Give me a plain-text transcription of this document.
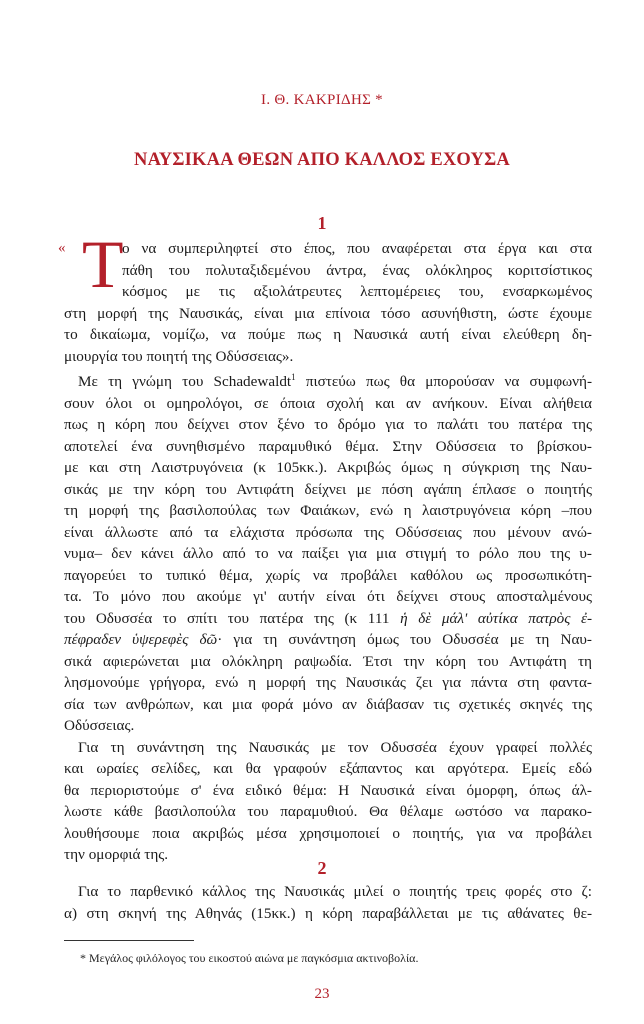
Ι. Θ. ΚΑΚΡΙΔΗΣ *
ΝΑΥΣΙΚΑΑ ΘΕΩΝ ΑΠΟ ΚΑΛΛΟΣ ΕΧΟΥΣΑ
1
« Τ
ο να συμπεριληφτεί στο έπος, που αναφέρεται στα έργα και στα
πάθη του πολυταξιδεμένου άντρα, ένας ολόκληρος κοριτσίστικος
κόσμος με τις αξιολάτρευτες λεπτομέρειες του, ενσαρκωμένος
στη μορφή της Ναυσικάς, είναι μια επίνοια τόσο ασυνήθιστη, ώστε έχουμε
το δικαίωμα, νομίζω, να πούμε πως η Ναυσικά αυτή είναι ελεύθερη δη-
μιουργία του ποιητή της Οδύσσειας».
Με τη γνώμη του Schadewaldt$^1$ πιστεύω πως θα μπορούσαν να συμφωνή-
σουν όλοι οι ομηρολόγοι, σε όποια σχολή και αν ανήκουν. Είναι αλήθεια
πως η κόρη που δείχνει στον ξένο το δρόμο για το παλάτι του πατέρα της
αποτελεί ένα συνηθισμένο παραμυθικό θέμα. Στην Οδύσσεια το βρίσκου-
με και στη Λαιστρυγόνεια (κ 105κκ.). Ακριβώς όμως η σύγκριση της Ναυ-
σικάς με την κόρη του Αντιφάτη δείχνει με πόση αγάπη έπλασε ο ποιητής
τη μορφή της βασιλοπούλας των Φαιάκων, ενώ η λαιστρυγόνεια κόρη –που
είναι άλλωστε από τα ελάχιστα πρόσωπα της Οδύσσειας που μένουν ανώ-
νυμα– δεν κάνει άλλο από το να παίξει για μια στιγμή το ρόλο που της υ-
παγορεύει το τυπικό θέμα, χωρίς να προβάλει καθόλου ως προσωπικότη-
τα. Το μόνο που ακούμε γι' αυτήν είναι ότι δείχνει στους αποσταλμένους
του Οδυσσέα το σπίτι του πατέρα της (κ 111 ἡ δὲ μάλ' αὐτίκα πατρὸς ἐ-
πέφραδεν ὑψερεφὲς δῶ· για τη συνάντηση όμως του Οδυσσέα με τη Ναυ-
σικά αφιερώνεται μια ολόκληρη ραψωδία. Έτσι την κόρη του Αντιφάτη τη
λησμονούμε γρήγορα, ενώ η μορφή της Ναυσικάς ζει για πάντα στη φαντα-
σία των ανθρώπων, και μια φορά μόνο αν διάβασαν τις σχετικές σκηνές της
Οδύσσειας.
Για τη συνάντηση της Ναυσικάς με τον Οδυσσέα έχουν γραφεί πολλές
και ωραίες σελίδες, και θα γραφούν εξάπαντος και αργότερα. Εμείς εδώ
θα περιοριστούμε σ' ένα ειδικό θέμα: Η Ναυσικά είναι όμορφη, όπως άλ-
λωστε κάθε βασιλοπούλα του παραμυθιού. Θα θέλαμε ωστόσο να παρακο-
λουθήσουμε ποια ακριβώς μέσα χρησιμοποιεί ο ποιητής, για να προβάλει
την ομορφιά της.
2
Για το παρθενικό κάλλος της Ναυσικάς μιλεί ο ποιητής τρεις φορές στο ζ:
α) στη σκηνή της Αθηνάς (15κκ.) η κόρη παραβάλλεται με τις αθάνατες θε-
* Μεγάλος φιλόλογος του εικοστού αιώνα με παγκόσμια ακτινοβολία.
23
